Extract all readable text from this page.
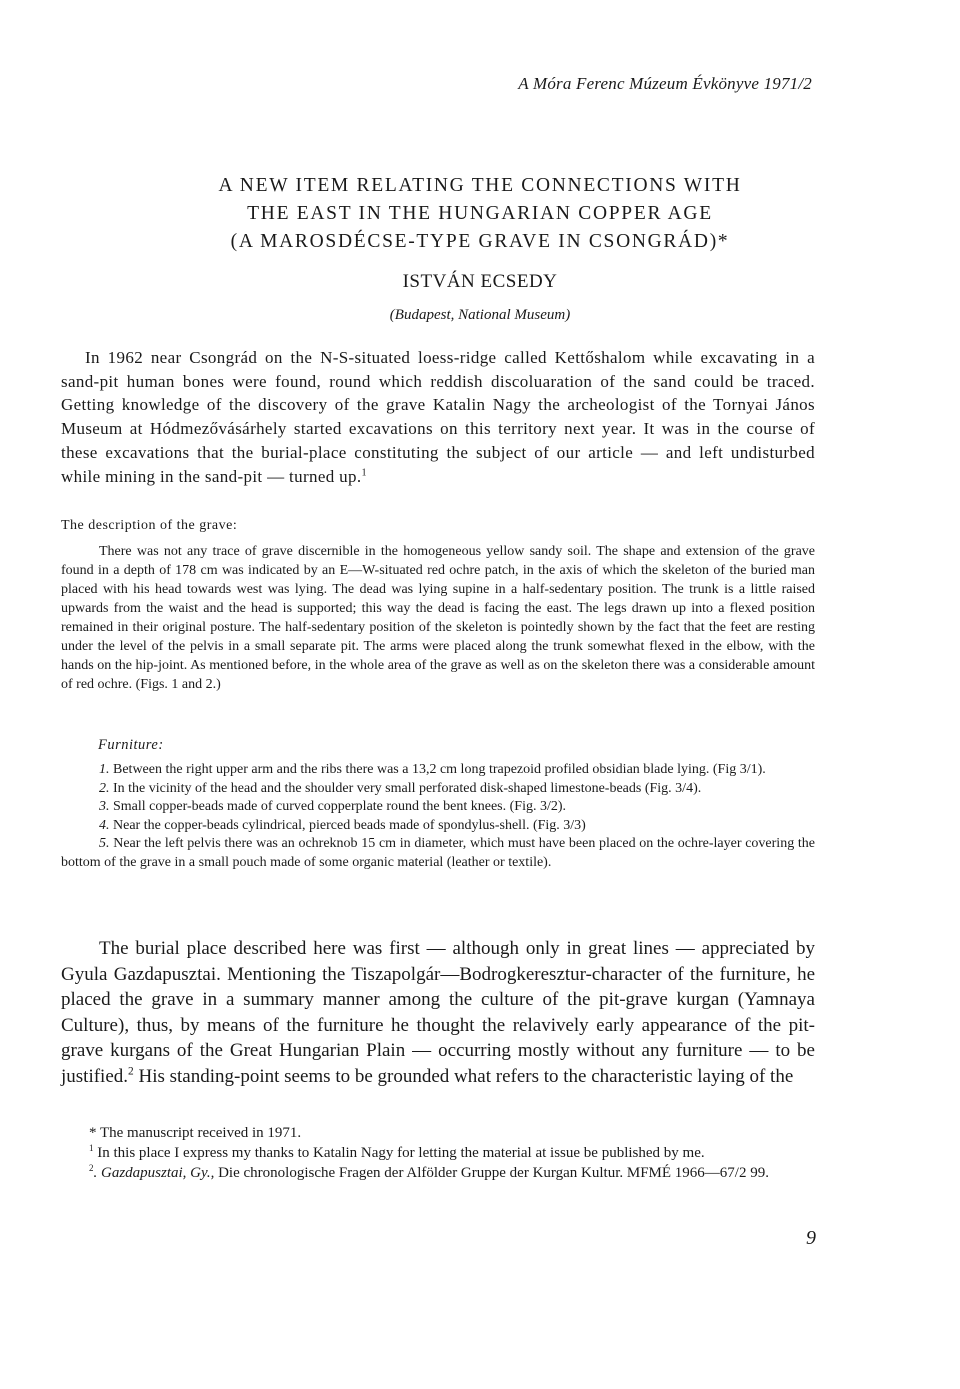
A Móra Ferenc Múzeum Évkönyve 1971/2
A NEW ITEM RELATING THE CONNECTIONS WITH
THE EAST IN THE HUNGARIAN COPPER AGE
(A MAROSDÉCSE-TYPE GRAVE IN CSONGRÁD)*
ISTVÁN ECSEDY
(Budapest, National Museum)

In 1962 near Csongrád on the N-S-situated loess-ridge called Kettőshalom while excavating in a sand-pit human bones were found, round which reddish discoluaration of the sand could be traced. Getting knowledge of the discovery of the grave Katalin Nagy the archeologist of the Tornyai János Museum at Hódmezővásárhely started excavations on this territory next year. It was in the course of these excavations that the burial-place constituting the subject of our article — and left undisturbed while mining in the sand-pit — turned up.$^1$

The description of the grave:

There was not any trace of grave discernible in the homogeneous yellow sandy soil. The shape and extension of the grave found in a depth of 178 cm was indicated by an E—W-situated red ochre patch, in the axis of which the skeleton of the buried man placed with his head towards west was lying. The dead was lying supine in a half-sedentary position. The trunk is a little raised upwards from the waist and the head is supported; this way the dead is facing the east. The legs drawn up into a flexed position remained in their original posture. The half-sedentary position of the skeleton is pointedly shown by the fact that the feet are resting under the level of the pelvis in a small separate pit. The arms were placed along the trunk somewhat flexed in the elbow, with the hands on the hip-joint. As mentioned before, in the whole area of the grave as well as on the skeleton there was a considerable amount of red ochre. (Figs. 1 and 2.)

Furniture:

1. Between the right upper arm and the ribs there was a 13,2 cm long trapezoid profiled obsidian blade lying. (Fig 3/1).

2. In the vicinity of the head and the shoulder very small perforated disk-shaped limestone-beads (Fig. 3/4).

3. Small copper-beads made of curved copperplate round the bent knees. (Fig. 3/2).

4. Near the copper-beads cylindrical, pierced beads made of spondylus-shell. (Fig. 3/3)

5. Near the left pelvis there was an ochreknob 15 cm in diameter, which must have been placed on the ochre-layer covering the bottom of the grave in a small pouch made of some organic material (leather or textile).

The burial place described here was first — although only in great lines — appreciated by Gyula Gazdapusztai. Mentioning the Tiszapolgár—Bodrogkeresztur-character of the furniture, he placed the grave in a summary manner among the culture of the pit-grave kurgan (Yamnaya Culture), thus, by means of the furniture he thought the relavively early appearance of the pit-grave kurgans of the Great Hungarian Plain — occurring mostly without any furniture — to be justified.$^2$ His standing-point seems to be grounded what refers to the characteristic laying of the

* The manuscript received in 1971.

$^1$ In this place I express my thanks to Katalin Nagy for letting the material at issue be published by me.

$^2$. Gazdapusztai, Gy., Die chronologische Fragen der Alfölder Gruppe der Kurgan Kultur. MFMÉ 1966—67/2 99.

9
